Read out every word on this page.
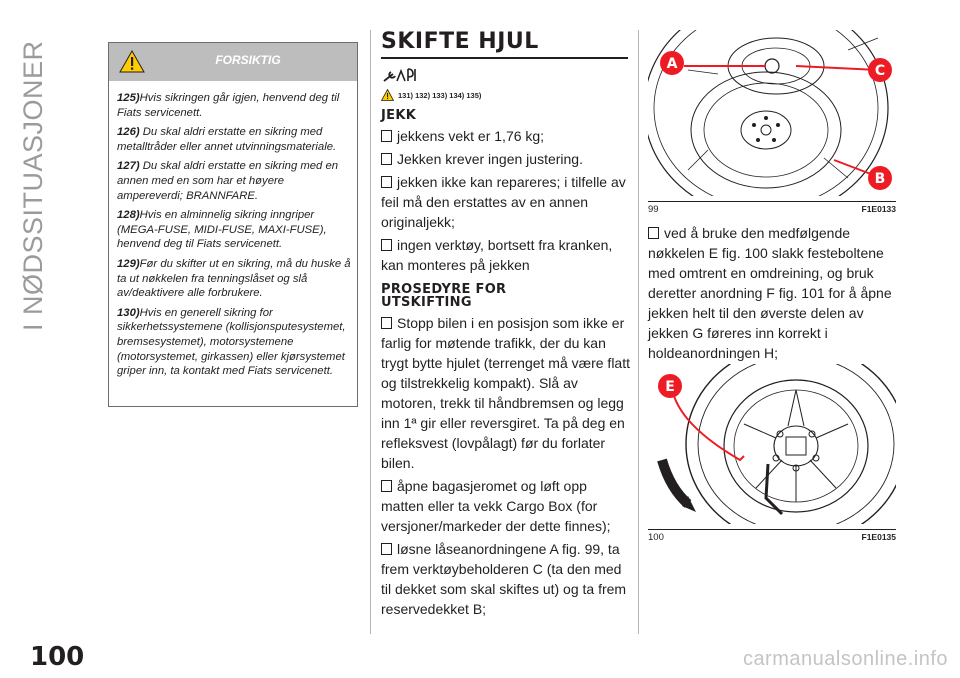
I NØDSSITUASJONER
100	carmanualsonline.info
FORSIKTIG

125)Hvis sikringen går igjen, henvend deg til Fiats servicenett.

126) Du skal aldri erstatte en sikring med metalltråder eller annet utvinningsmateriale.

127) Du skal aldri erstatte en sikring med en annen med en som har et høyere ampereverdi; BRANNFARE.

128)Hvis en alminnelig sikring inngriper (MEGA-FUSE, MIDI-FUSE, MAXI-FUSE), henvend deg til Fiats servicenett.

129)Før du skifter ut en sikring, må du huske å ta ut nøkkelen fra tenningslåset og slå av/deaktivere alle forbrukere.

130)Hvis en generell sikring for sikkerhetssystemene (kollisjonsputesystemet, bremsesystemet), motorsystemene (motorsystemet, girkassen) eller kjørsystemet griper inn, ta kontakt med Fiats servicenett.

SKIFTE HJUL
131) 132) 133) 134) 135)
JEKK

jekkens vekt er 1,76 kg;

Jekken krever ingen justering.

jekken ikke kan repareres; i tilfelle av feil må den erstattes av en annen originaljekk;

ingen verktøy, bortsett fra kranken, kan monteres på jekken

PROSEDYRE FOR UTSKIFTING

Stopp bilen i en posisjon som ikke er farlig for møtende trafikk, der du kan trygt bytte hjulet (terrenget må være flatt og tilstrekkelig kompakt). Slå av motoren, trekk til håndbremsen og legg inn 1ª gir eller reversgiret. Ta på deg en refleksvest (lovpålagt) før du forlater bilen.

åpne bagasjeromet og løft opp matten eller ta vekk Cargo Box (for versjoner/markeder der dette finnes);

løsne låseanordningene A fig. 99, ta frem verktøybeholderen C (ta den med til dekket som skal skiftes ut) og ta frem reservedekket B;

A	C
B
99	F1E0133

ved å bruke den medfølgende nøkkelen E fig. 100 slakk festeboltene med omtrent en omdreining, og bruk deretter anordning F fig. 101 for å åpne jekken helt til den øverste delen av jekken G føreres inn korrekt i holdeanordningen H;

E
100	F1E0135
